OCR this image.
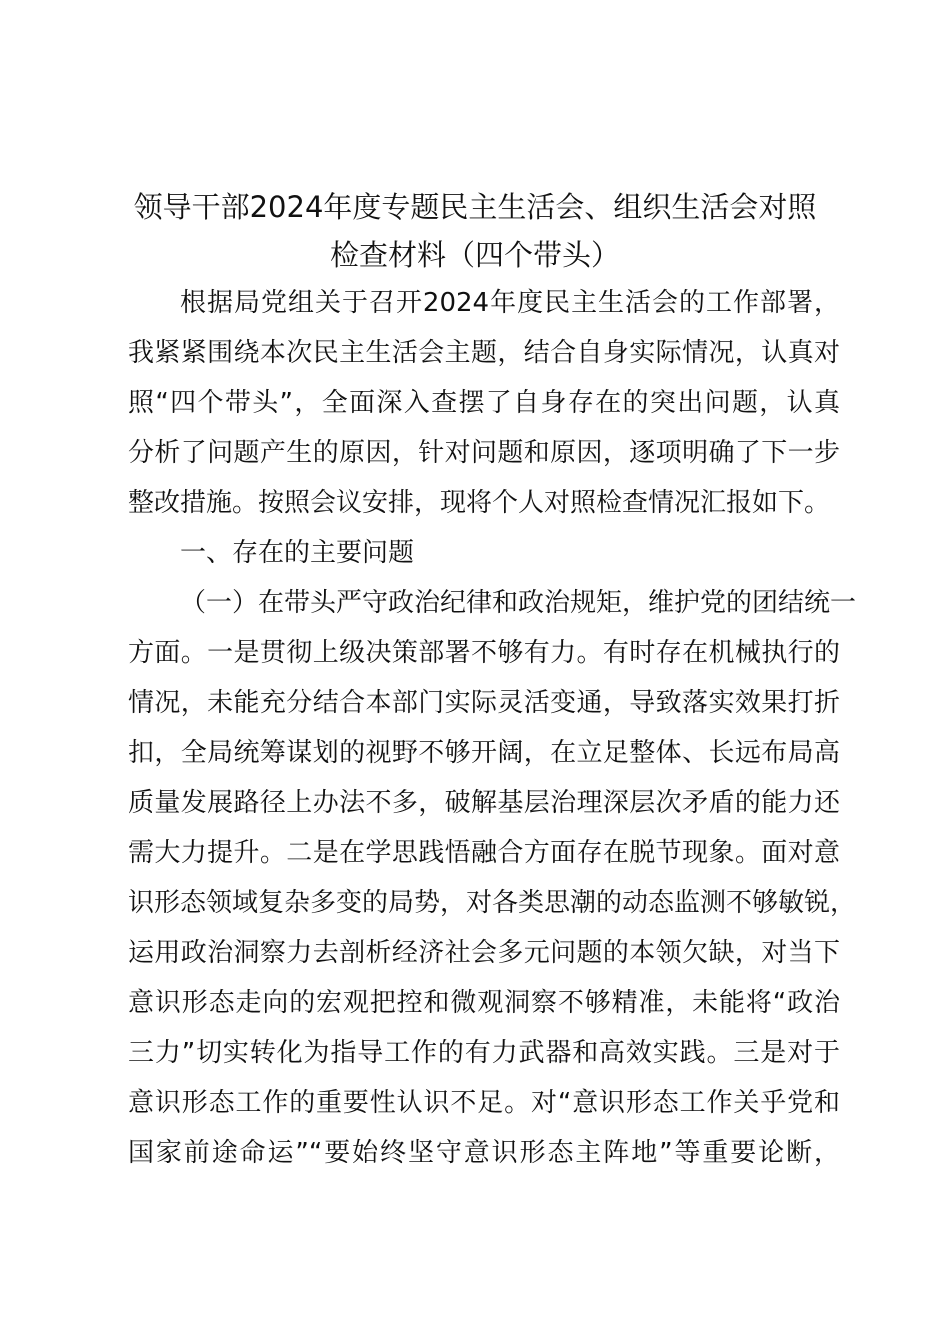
领导干部2024年度专题民主生活会、组织生活会对照
检查材料（四个带头）
根据局党组关于召开2024年度民主生活会的工作部署，
我紧紧围绕本次民主生活会主题，结合自身实际情况，认真对
照“四个带头”，全面深入查摆了自身存在的突出问题，认真
分析了问题产生的原因，针对问题和原因，逐项明确了下一步
整改措施。按照会议安排，现将个人对照检查情况汇报如下。
一、存在的主要问题
（一）在带头严守政治纪律和政治规矩，维护党的团结统一
方面。一是贯彻上级决策部署不够有力。有时存在机械执行的
情况，未能充分结合本部门实际灵活变通，导致落实效果打折
扣，全局统筹谋划的视野不够开阔，在立足整体、长远布局高
质量发展路径上办法不多，破解基层治理深层次矛盾的能力还
需大力提升。二是在学思践悟融合方面存在脱节现象。面对意
识形态领域复杂多变的局势，对各类思潮的动态监测不够敏锐，
运用政治洞察力去剖析经济社会多元问题的本领欠缺，对当下
意识形态走向的宏观把控和微观洞察不够精准，未能将“政治
三力”切实转化为指导工作的有力武器和高效实践。三是对于
意识形态工作的重要性认识不足。对“意识形态工作关乎党和
国家前途命运”“要始终坚守意识形态主阵地”等重要论断，
